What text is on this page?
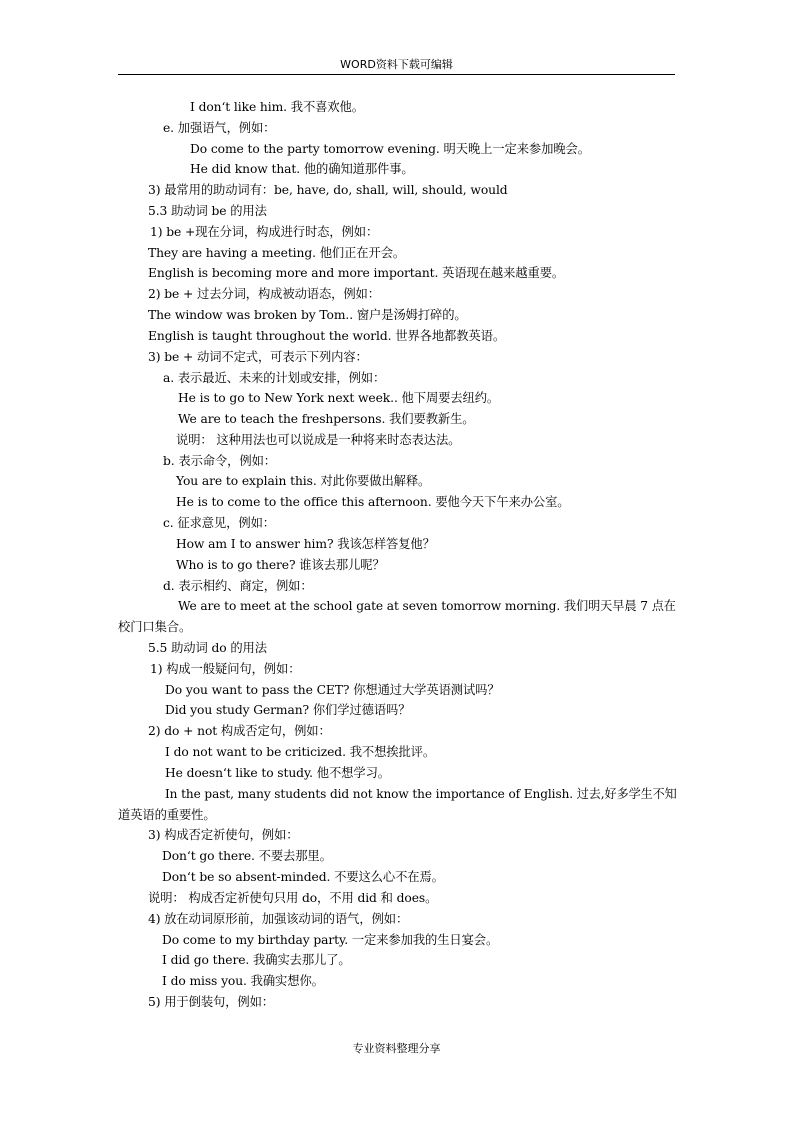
WORD资料下载可编辑
I don‘t like him. 我不喜欢他。
e. 加强语气，例如：
Do come to the party tomorrow evening. 明天晚上一定来参加晚会。
He did know that. 他的确知道那件事。
3) 最常用的助动词有：be, have, do, shall, will, should, would
5.3 助动词 be 的用法
1) be +现在分词，构成进行时态，例如：
They are having a meeting. 他们正在开会。
English is becoming more and more important. 英语现在越来越重要。
2) be + 过去分词，构成被动语态，例如：
The window was broken by Tom.. 窗户是汤姆打碎的。
English is taught throughout the world. 世界各地都教英语。
3) be + 动词不定式，可表示下列内容：
a. 表示最近、未来的计划或安排，例如：
He is to go to New York next week.. 他下周要去纽约。
We are to teach the freshpersons. 我们要教新生。
说明： 这种用法也可以说成是一种将来时态表达法。
b. 表示命令，例如：
You are to explain this. 对此你要做出解释。
He is to come to the office this afternoon. 要他今天下午来办公室。
c. 征求意见，例如：
How am I to answer him? 我该怎样答复他？
Who is to go there? 谁该去那儿呢？
d. 表示相约、商定，例如：
We are to meet at the school gate at seven tomorrow morning. 我们明天早晨 7 点在
校门口集合。
5.5 助动词 do 的用法
1) 构成一般疑问句，例如：
Do you want to pass the CET? 你想通过大学英语测试吗？
Did you study German? 你们学过德语吗？
2) do + not 构成否定句，例如：
I do not want to be criticized. 我不想挨批评。
He doesn‘t like to study. 他不想学习。
In the past, many students did not know the importance of English. 过去,好多学生不知
道英语的重要性。
3) 构成否定祈使句，例如：
Don‘t go there. 不要去那里。
Don‘t be so absent-minded. 不要这么心不在焉。
说明： 构成否定祈使句只用 do，不用 did 和 does。
4) 放在动词原形前，加强该动词的语气，例如：
Do come to my birthday party. 一定来参加我的生日宴会。
I did go there. 我确实去那儿了。
I do miss you. 我确实想你。
5) 用于倒装句，例如：
专业资料整理分享
